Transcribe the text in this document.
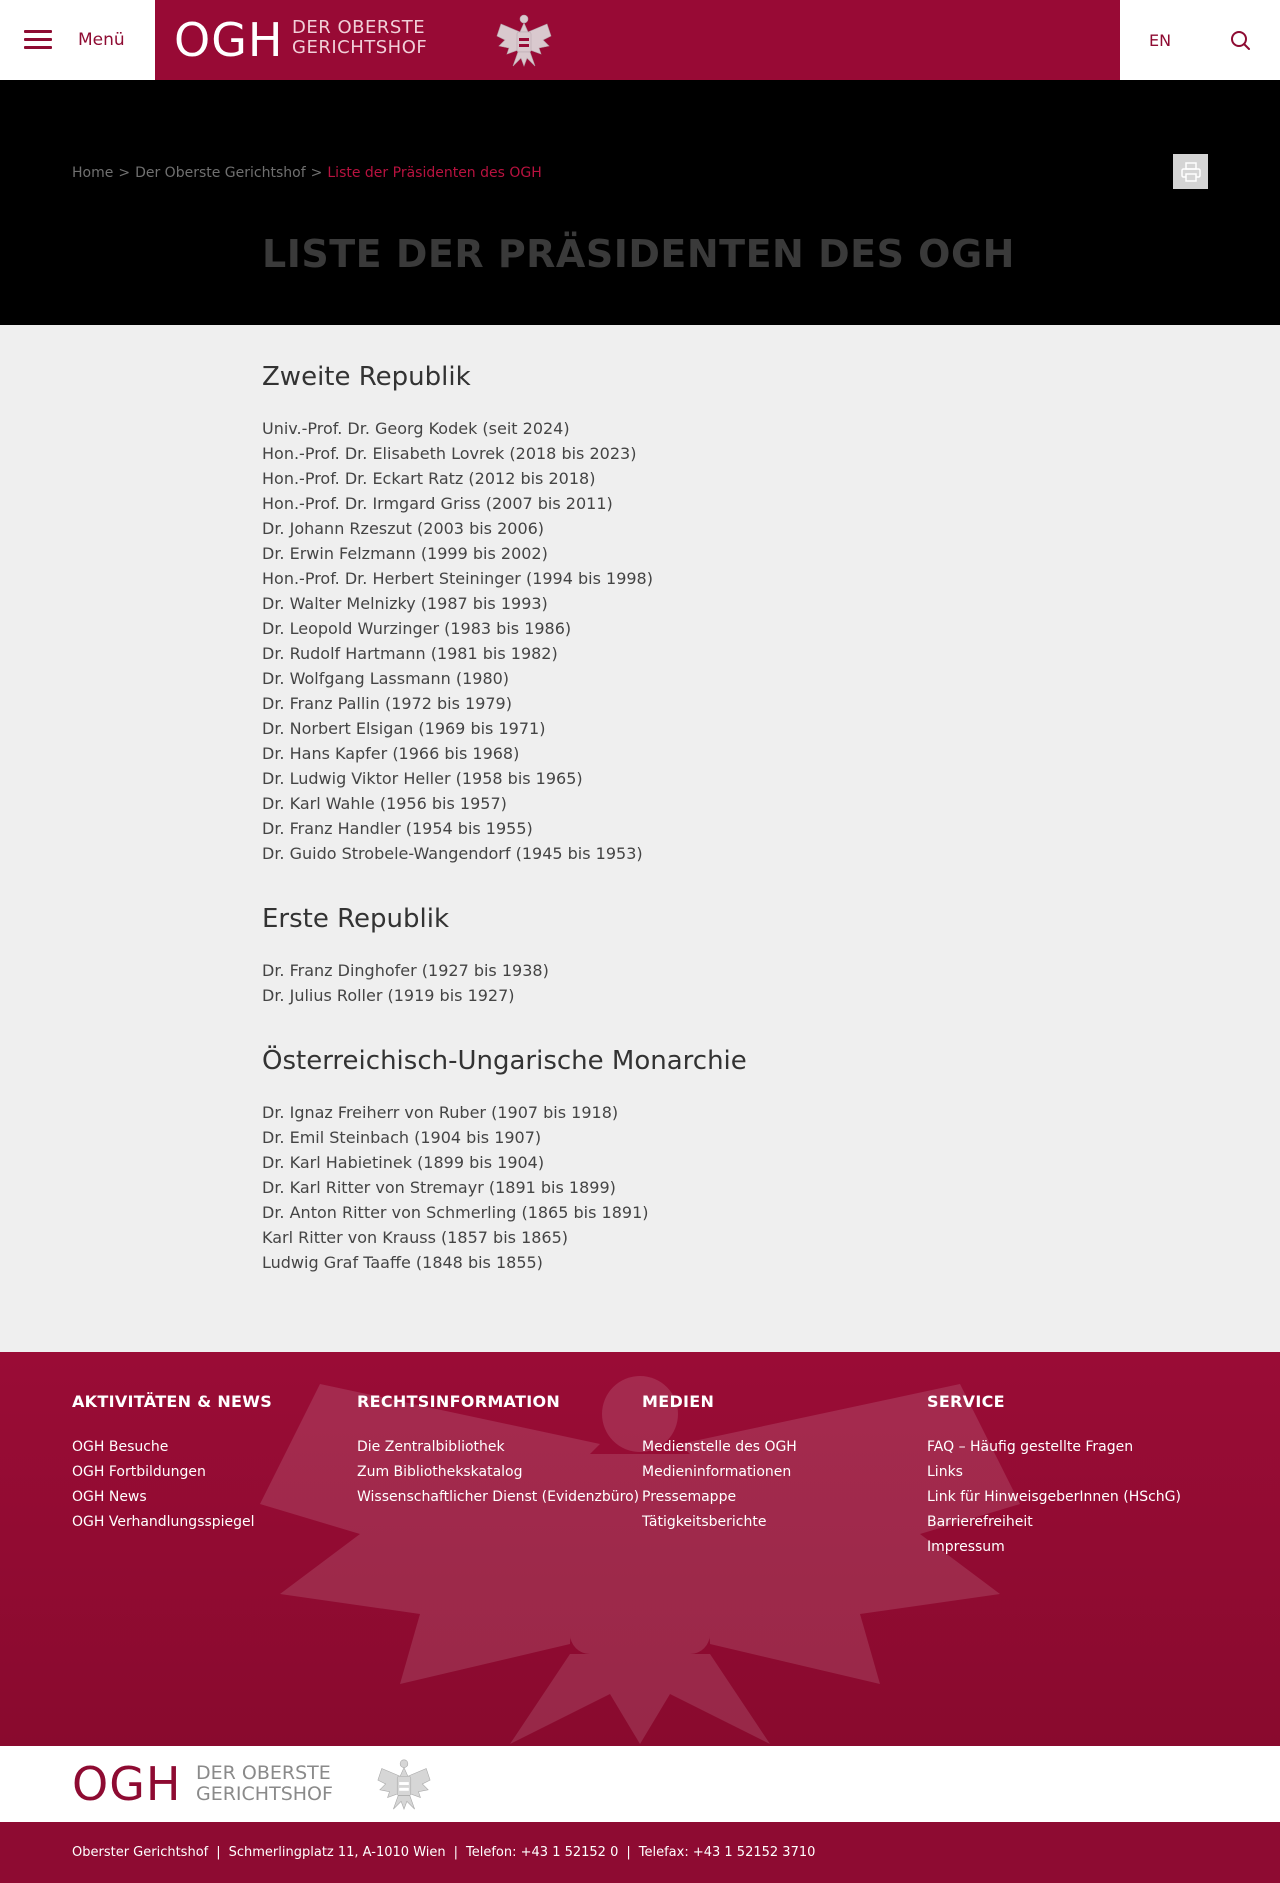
Menü OGH DER OBERSTE
GERICHTSHOF	EN
Home > Der Oberste Gerichtshof > Liste der Präsidenten des OGH
LISTE DER PRÄSIDENTEN DES OGH
Zweite Republik
Univ.-Prof. Dr. Georg Kodek (seit 2024)
Hon.-Prof. Dr. Elisabeth Lovrek (2018 bis 2023)
Hon.-Prof. Dr. Eckart Ratz (2012 bis 2018)
Hon.-Prof. Dr. Irmgard Griss (2007 bis 2011)
Dr. Johann Rzeszut (2003 bis 2006)
Dr. Erwin Felzmann (1999 bis 2002)
Hon.-Prof. Dr. Herbert Steininger (1994 bis 1998)
Dr. Walter Melnizky (1987 bis 1993)
Dr. Leopold Wurzinger (1983 bis 1986)
Dr. Rudolf Hartmann (1981 bis 1982)
Dr. Wolfgang Lassmann (1980)
Dr. Franz Pallin (1972 bis 1979)
Dr. Norbert Elsigan (1969 bis 1971)
Dr. Hans Kapfer (1966 bis 1968)
Dr. Ludwig Viktor Heller (1958 bis 1965)
Dr. Karl Wahle (1956 bis 1957)
Dr. Franz Handler (1954 bis 1955)
Dr. Guido Strobele-Wangendorf (1945 bis 1953)
Erste Republik
Dr. Franz Dinghofer (1927 bis 1938)
Dr. Julius Roller (1919 bis 1927)
Österreichisch-Ungarische Monarchie
Dr. Ignaz Freiherr von Ruber (1907 bis 1918)
Dr. Emil Steinbach (1904 bis 1907)
Dr. Karl Habietinek (1899 bis 1904)
Dr. Karl Ritter von Stremayr (1891 bis 1899)
Dr. Anton Ritter von Schmerling (1865 bis 1891)
Karl Ritter von Krauss (1857 bis 1865)
Ludwig Graf Taaffe (1848 bis 1855)
AKTIVITÄTEN & NEWS
OGH Besuche
OGH Fortbildungen
OGH News
OGH Verhandlungsspiegel
RECHTSINFORMATION
Die Zentralbibliothek
Zum Bibliothekskatalog
Wissenschaftlicher Dienst (Evidenzbüro)
MEDIEN
Medienstelle des OGH
Medieninformationen
Pressemappe
Tätigkeitsberichte
SERVICE
FAQ – Häufig gestellte Fragen
Links
Link für HinweisgeberInnen (HSchG)
Barrierefreiheit
Impressum
OGH DER OBERSTE
GERICHTSHOF
Oberster Gerichtshof | Schmerlingplatz 11, A-1010 Wien | Telefon: +43 1 52152 0 | Telefax: +43 1 52152 3710
